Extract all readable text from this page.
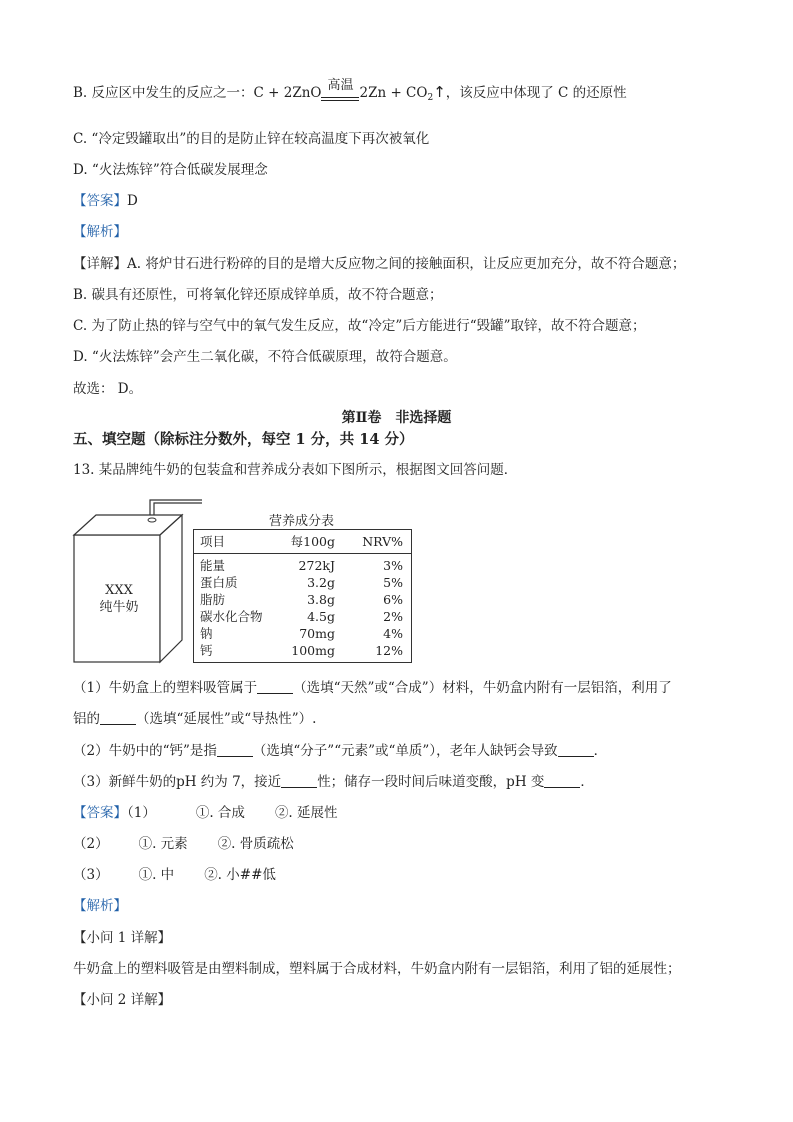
B. 反应区中发生的反应之一：C + 2ZnO 高温 $2Zn + CO_2↑$，该反应中体现了 C 的还原性
C. “冷定毁罐取出”的目的是防止锌在较高温度下再次被氧化
D. “火法炼锌”符合低碳发展理念
【答案】D
【解析】
【详解】A. 将炉甘石进行粉碎的目的是增大反应物之间的接触面积，让反应更加充分，故不符合题意；
B. 碳具有还原性，可将氧化锌还原成锌单质，故不符合题意；
C. 为了防止热的锌与空气中的氧气发生反应，故“冷定”后方能进行“毁罐”取锌，故不符合题意；
D. “火法炼锌”会产生二氧化碳，不符合低碳原理，故符合题意。
故选： D。
第Ⅱ卷　非选择题
五、填空题（除标注分数外，每空 1 分，共 14 分）
13. 某品牌纯牛奶的包装盒和营养成分表如下图所示，根据图文回答问题．
XXX
纯牛奶
营养成分表
项目	每100g NRV%
能量	272kJ	3%
蛋白质	3.2g	5%
脂肪	3.8g	6%
碳水化合物	4.5g	2%
钠	70mg	4%
钙	100mg	12%
（1）牛奶盒上的塑料吸管属于	（选填“天然”或“合成”）材料，牛奶盒内附有一层铝箔，利用了
铝的	（选填“延展性”或“导热性”）.
（2）牛奶中的“钙”是指	（选填“分子”“元素”或“单质”），老年人缺钙会导致	．
（3）新鲜牛奶的pH 约为 7，接近	性；储存一段时间后味道变酸，pH 变	．
【答案】（1）	①. 合成 ②. 延展性
（2） ①. 元素 ②. 骨质疏松
（3） ①. 中 ②. 小##低
【解析】
【小问 1 详解】
牛奶盒上的塑料吸管是由塑料制成，塑料属于合成材料，牛奶盒内附有一层铝箔，利用了铝的延展性；
【小问 2 详解】
